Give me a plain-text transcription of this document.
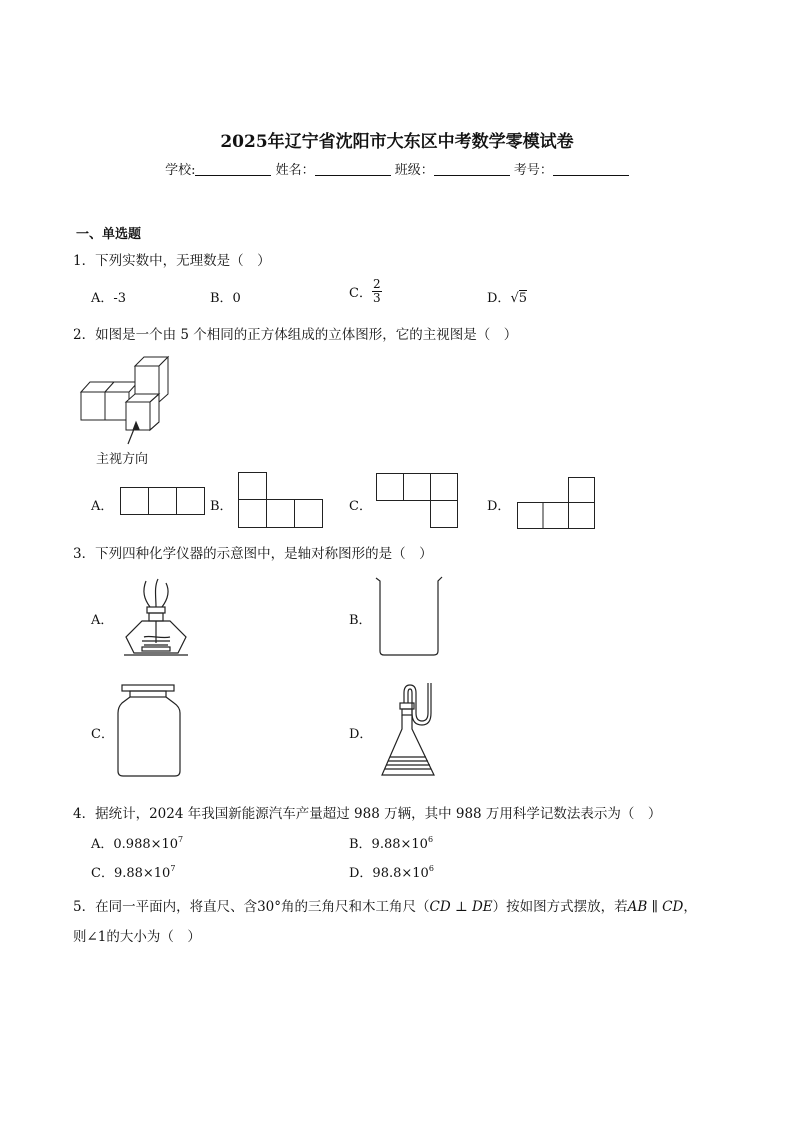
2025年辽宁省沈阳市大东区中考数学零模试卷
学校:	姓名：	班级：	考号：
一、单选题
1．下列实数中，无理数是（　）
A．-3	B．0	C． $\frac{2}{3}$	D．√5
2．如图是一个由 5 个相同的正方体组成的立体图形，它的主视图是（　）
主视方向
A．	B．	C．	D．
3．下列四种化学仪器的示意图中，是轴对称图形的是（　）
A．	B．
C．	D．
4．据统计，2024 年我国新能源汽车产量超过 988 万辆，其中 988 万用科学记数法表示为（　）
A．$0.988\times 10^7$	B．$9.88\times 10^6$
C．$9.88\times 10^7$	D．$98.8\times 10^6$
5．在同一平面内，将直尺、含30°角的三角尺和木工角尺（CD ⊥ DE）按如图方式摆放，若AB ∥ CD，
则∠1的大小为（　）
